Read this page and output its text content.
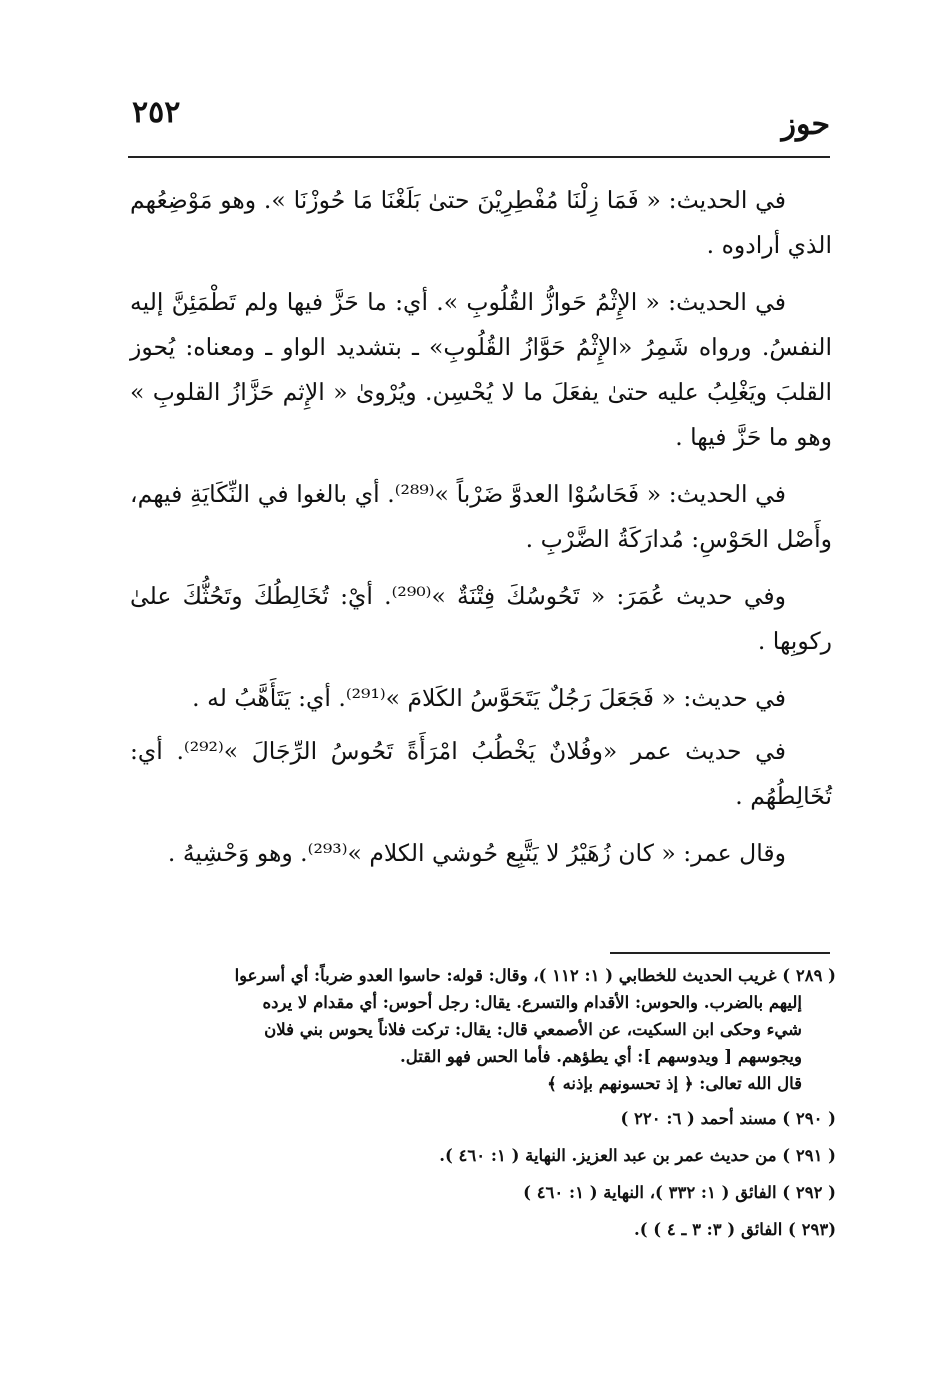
حوز
٢٥٢

في الحديث: « فَمَا زِلْنَا مُفْطِرِيْنَ حتىٰ بَلَغْنَا مَا حُوزْنَا ». وهو مَوْضِعُهم الذي أرادوه .

في الحديث: « الإِثْمُ حَوازُّ القُلُوبِ ». أي: ما حَزَّ فيها ولم تَطْمَئِنَّ إليه النفسُ. ورواه شَمِرُ «الإِثْمُ حَوَّازُ القُلُوبِ» ـ بتشديد الواو ـ ومعناه: يُحوز القلبَ ويَغْلِبُ عليه حتىٰ يفعَلَ ما لا يُحْسِن. ويُرْوىٰ « الإِثم حَزَّازُ القلوبِ » وهو ما حَزَّ فيها .

في الحديث: « فَحَاسُوْا العدوَّ ضَرْباً »⁽²⁸⁹⁾. أي بالغوا في النِّكَايَةِ فيهم، وأَصْل الحَوْسِ: مُدارَكَةُ الضَّرْبِ .

وفي حديث عُمَرَ: « تَحُوسُكَ فِتْنَةٌ »⁽²⁹⁰⁾. أيْ: تُخَالِطُكَ وتَحُثُّكَ علىٰ ركوبِها .

في حديث: « فَجَعَلَ رَجُلٌ يَتَحَوَّسُ الكَلامَ »⁽²⁹¹⁾. أي: يَتَأَهَّبُ له .

في حديث عمر «وفُلانٌ يَخْطُبُ امْرَأَةً تَحُوسُ الرِّجَالَ »⁽²⁹²⁾. أي: تُخَالِطُهُم .

وقال عمر: « كان زُهَيْرُ لا يَتَّبِع حُوشي الكلام »⁽²⁹³⁾. وهو وَحْشِيهُ .

( ٢٨٩ ) غريب الحديث للخطابي ( ١: ١١٢ )، وقال: قوله: حاسوا العدو ضرباً: أي أسرعوا
إليهم بالضرب. والحوس: الأقدام والتسرع. يقال: رجل أحوس: أي مقدام لا يرده
شيء وحكى ابن السكيت، عن الأصمعي قال: يقال: تركت فلاناً يحوس بني فلان
ويجوسهم [ ويدوسهم ]: أي يطؤهم. فأما الحس فهو القتل.
قال الله تعالى: ﴿ إذ تحسونهم بإذنه ﴾
( ٢٩٠ ) مسند أحمد ( ٦: ٢٢٠ )
( ٢٩١ ) من حديث عمر بن عبد العزيز. النهاية ( ١: ٤٦٠ ).
( ٢٩٢ ) الفائق ( ١: ٣٣٢ )، النهاية ( ١: ٤٦٠ )
(٢٩٣ ) الفائق ( ٣: ٣ ـ ٤ ) ).
